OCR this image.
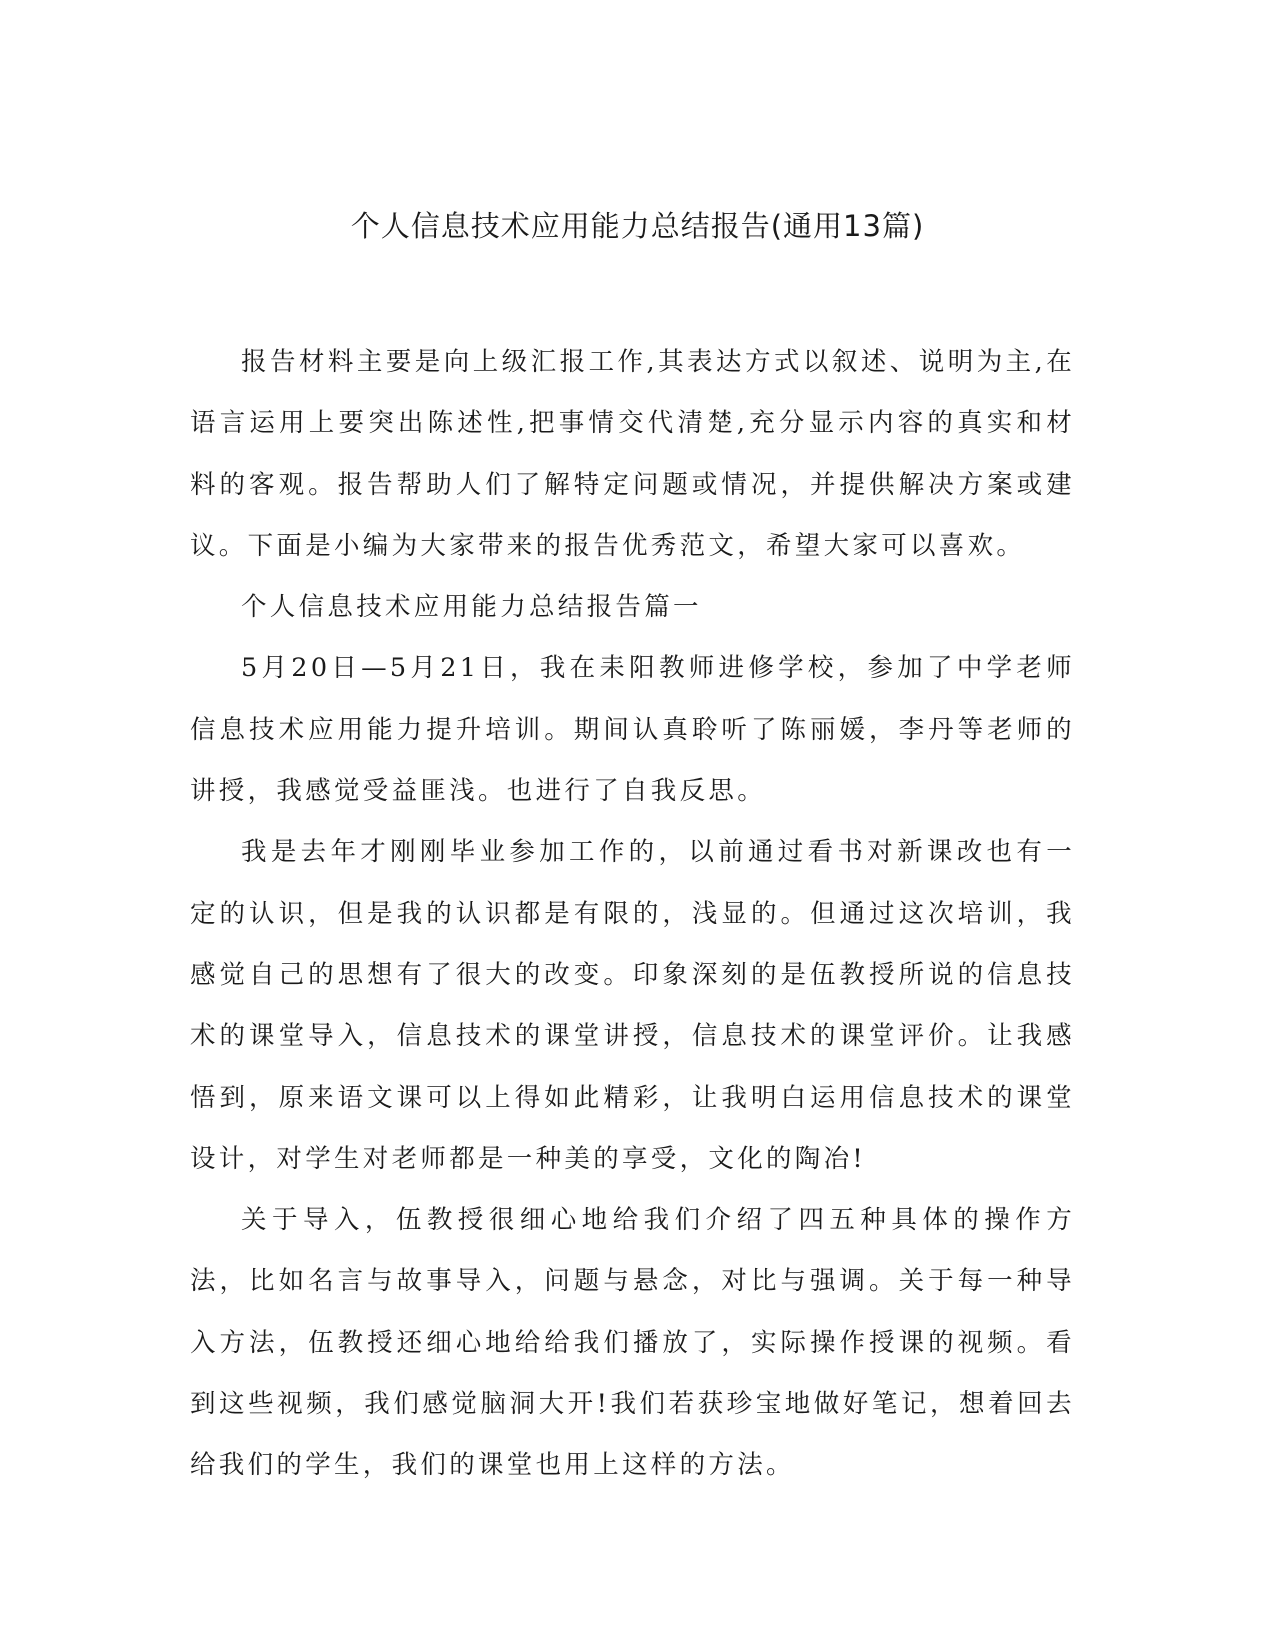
个人信息技术应用能力总结报告(通用13篇)

报告材料主要是向上级汇报工作,其表达方式以叙述、说明为主,在语言运用上要突出陈述性,把事情交代清楚,充分显示内容的真实和材料的客观。报告帮助人们了解特定问题或情况，并提供解决方案或建议。下面是小编为大家带来的报告优秀范文，希望大家可以喜欢。

个人信息技术应用能力总结报告篇一

5月20日—5月21日，我在耒阳教师进修学校，参加了中学老师信息技术应用能力提升培训。期间认真聆听了陈丽媛，李丹等老师的讲授，我感觉受益匪浅。也进行了自我反思。

我是去年才刚刚毕业参加工作的，以前通过看书对新课改也有一定的认识，但是我的认识都是有限的，浅显的。但通过这次培训，我感觉自己的思想有了很大的改变。印象深刻的是伍教授所说的信息技术的课堂导入，信息技术的课堂讲授，信息技术的课堂评价。让我感悟到，原来语文课可以上得如此精彩，让我明白运用信息技术的课堂设计，对学生对老师都是一种美的享受，文化的陶冶!

关于导入，伍教授很细心地给我们介绍了四五种具体的操作方法，比如名言与故事导入，问题与悬念，对比与强调。关于每一种导入方法，伍教授还细心地给给我们播放了，实际操作授课的视频。看到这些视频，我们感觉脑洞大开!我们若获珍宝地做好笔记，想着回去给我们的学生，我们的课堂也用上这样的方法。
